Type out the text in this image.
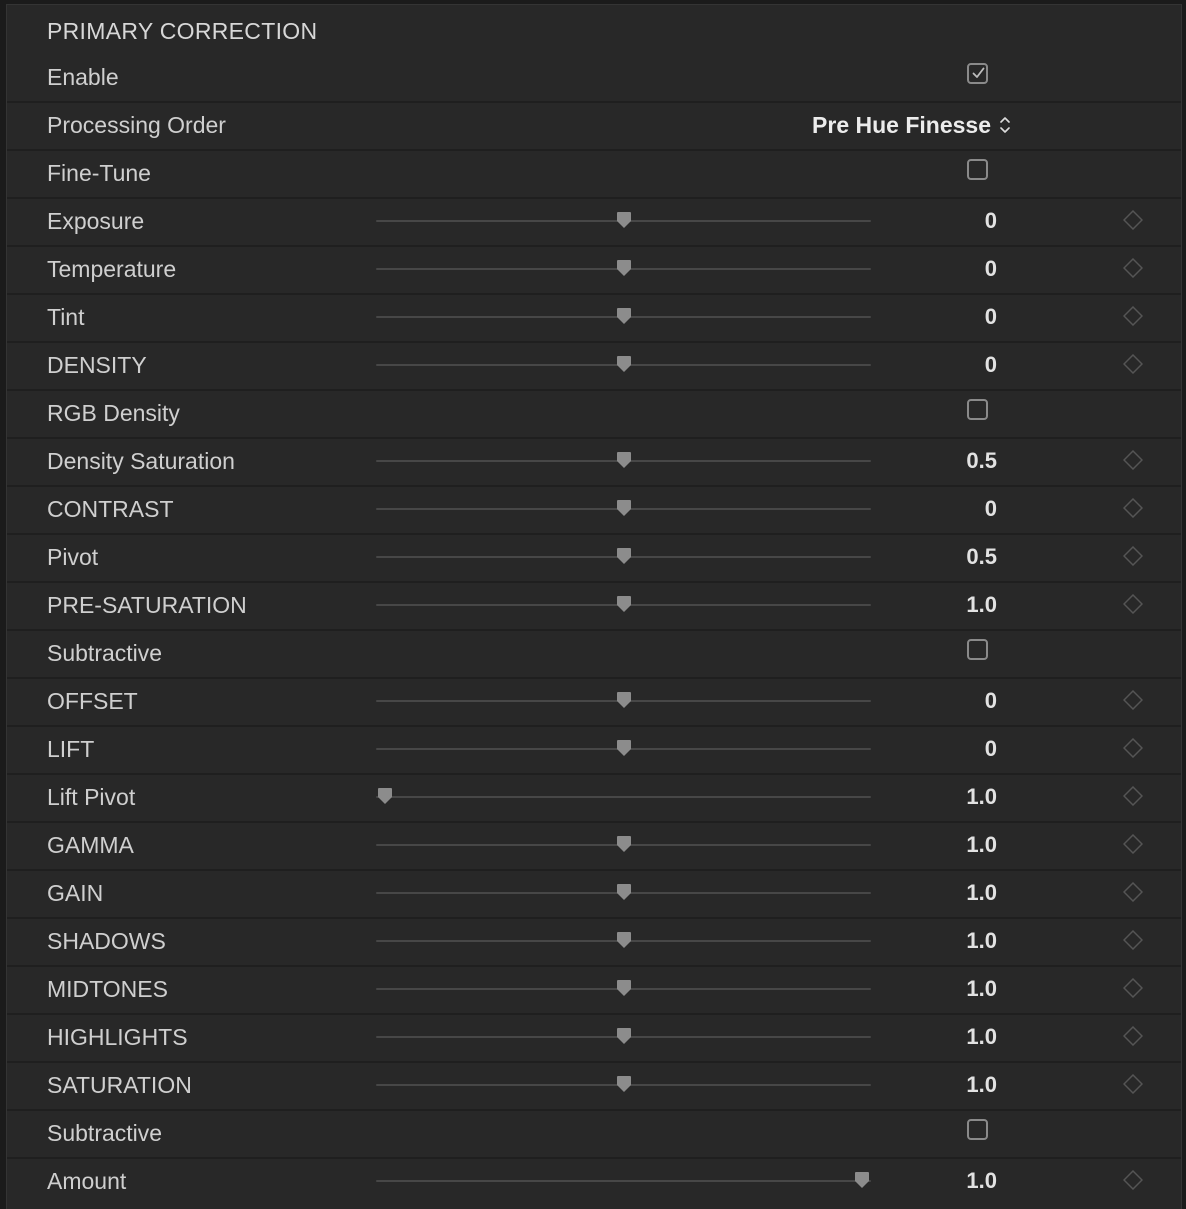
PRIMARY CORRECTION
Enable
Processing Order	Pre Hue Finesse
Fine-Tune
Exposure	0
Temperature	0
Tint	0
DENSITY	0
RGB Density
Density Saturation	0.5
CONTRAST	0
Pivot	0.5
PRE-SATURATION	1.0
Subtractive
OFFSET	0
LIFT	0
Lift Pivot	1.0
GAMMA	1.0
GAIN	1.0
SHADOWS	1.0
MIDTONES	1.0
HIGHLIGHTS	1.0
SATURATION	1.0
Subtractive
Amount	1.0
